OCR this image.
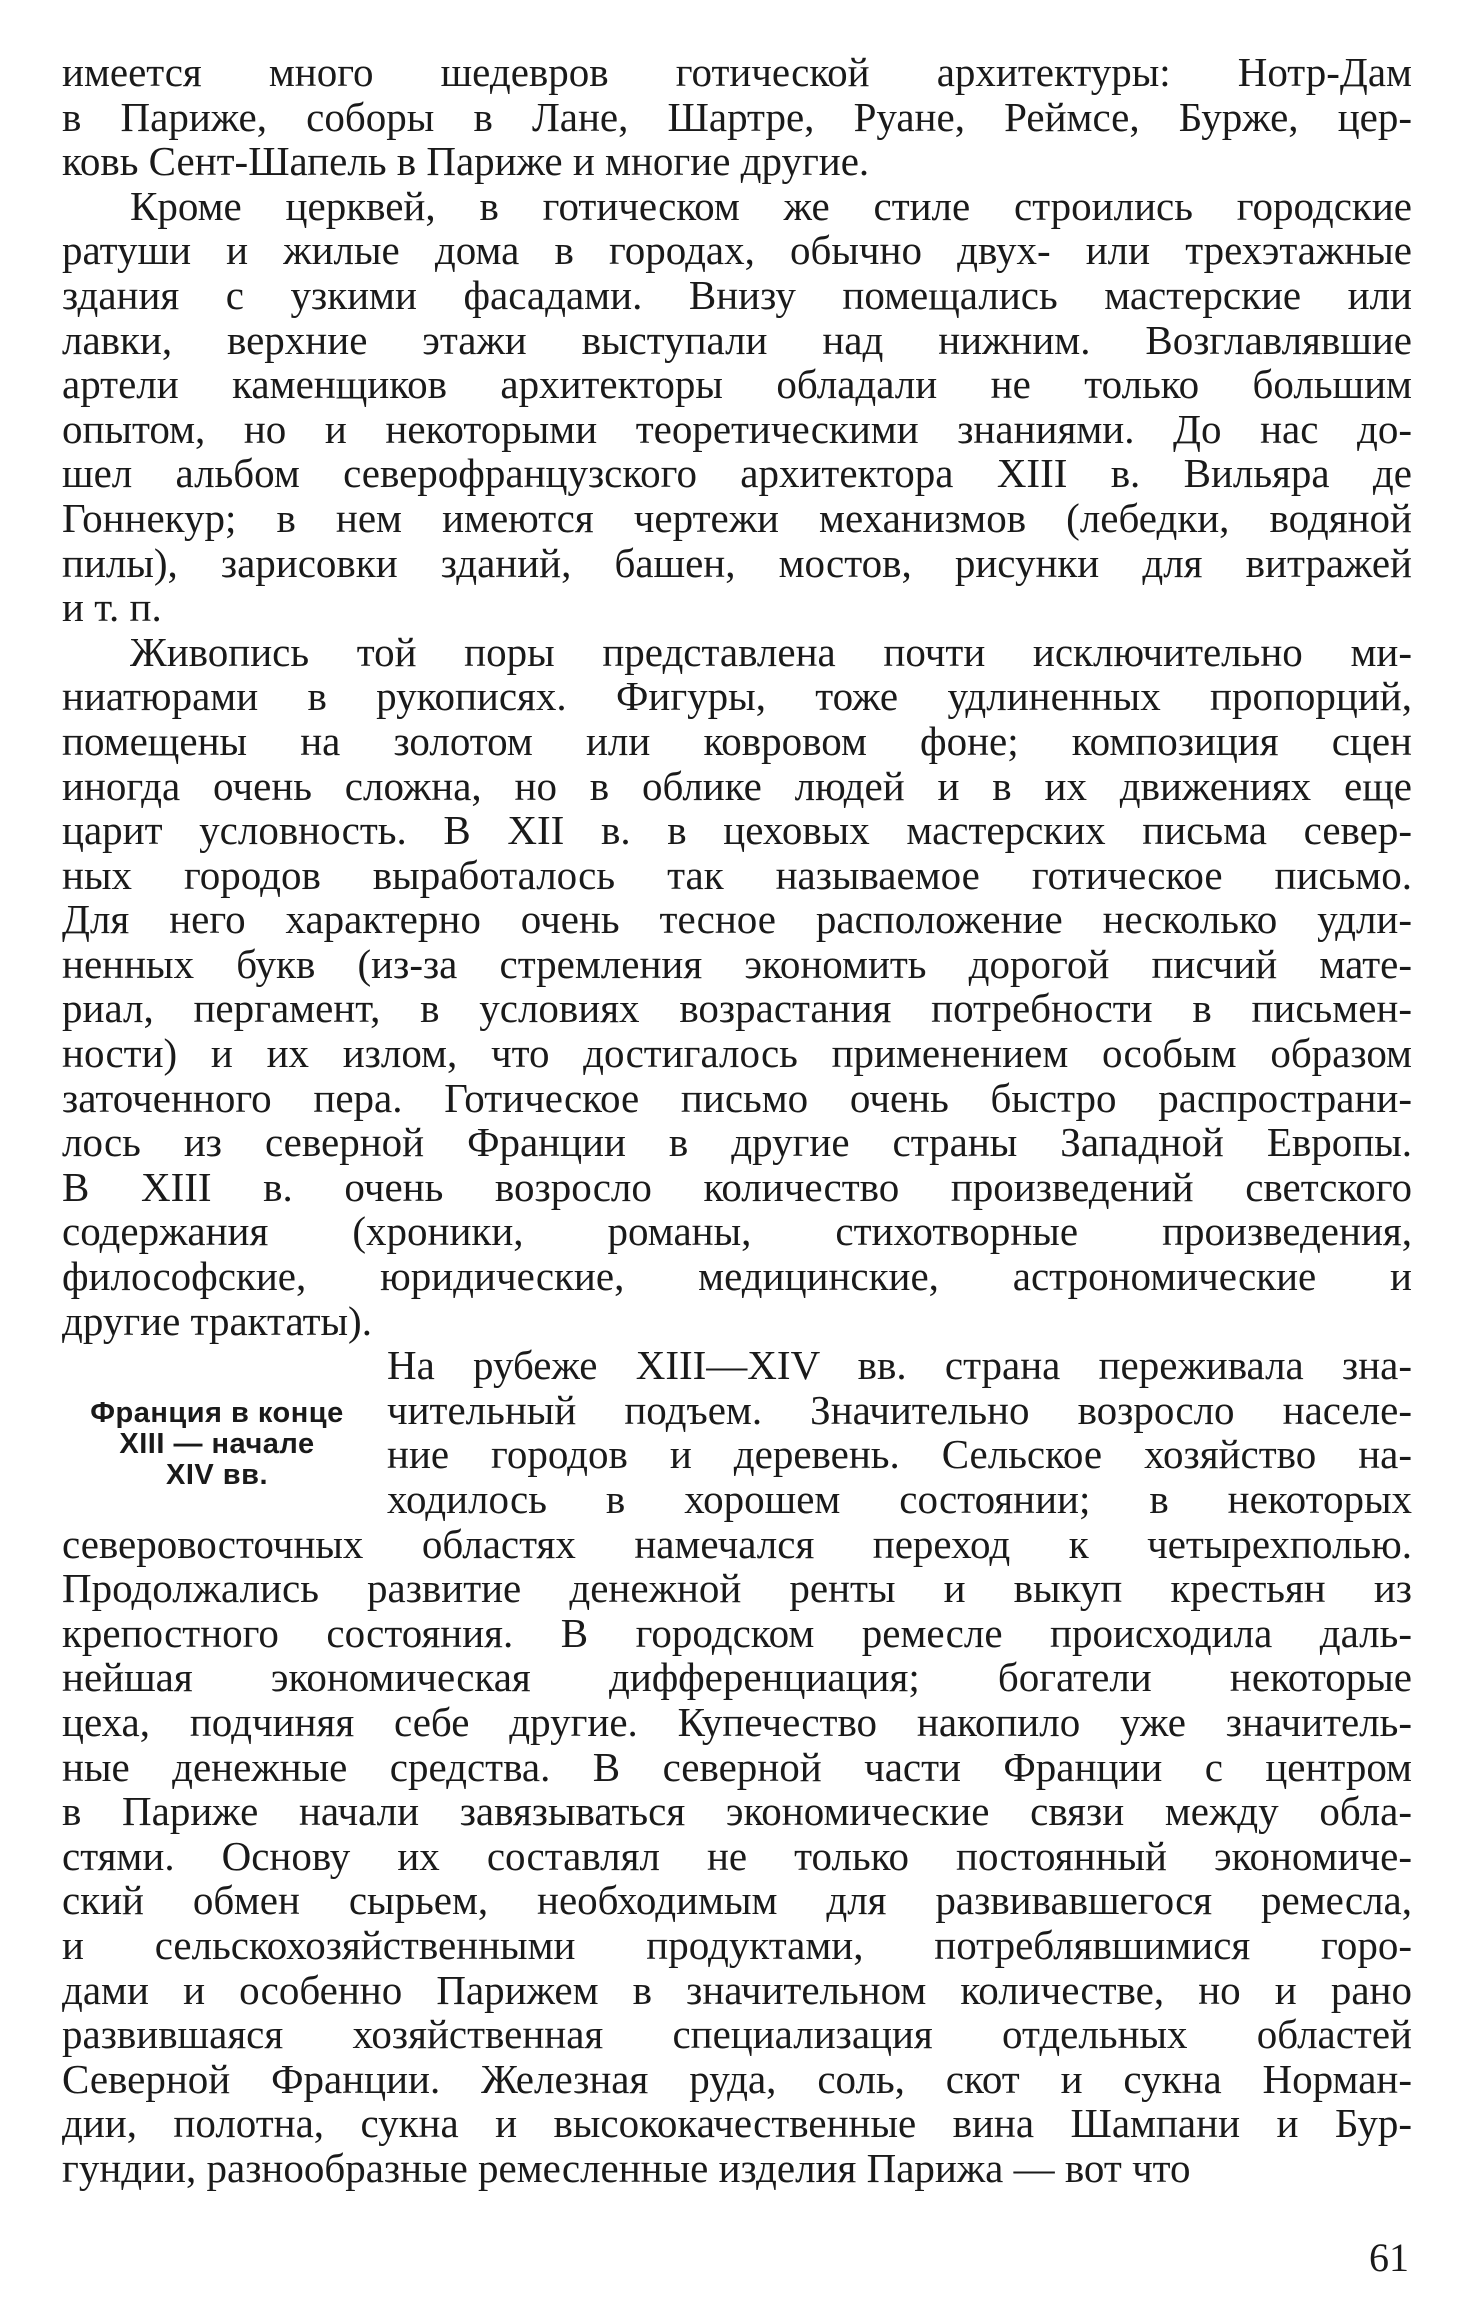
имеется много шедевров готической архитектуры: Нотр-Дам
в Париже, соборы в Лане, Шартре, Руане, Реймсе, Бурже, цер-
ковь Сент-Шапель в Париже и многие другие.
Кроме церквей, в готическом же стиле строились городские
ратуши и жилые дома в городах, обычно двух- или трехэтажные
здания с узкими фасадами. Внизу помещались мастерские или
лавки, верхние этажи выступали над нижним. Возглавлявшие
артели каменщиков архитекторы обладали не только большим
опытом, но и некоторыми теоретическими знаниями. До нас до-
шел альбом северофранцузского архитектора XIII в. Вильяра де
Гоннекур; в нем имеются чертежи механизмов (лебедки, водяной
пилы), зарисовки зданий, башен, мостов, рисунки для витражей
и т. п.
Живопись той поры представлена почти исключительно ми-
ниатюрами в рукописях. Фигуры, тоже удлиненных пропорций,
помещены на золотом или ковровом фоне; композиция сцен
иногда очень сложна, но в облике людей и в их движениях еще
царит условность. В XII в. в цеховых мастерских письма север-
ных городов выработалось так называемое готическое письмо.
Для него характерно очень тесное расположение несколько удли-
ненных букв (из-за стремления экономить дорогой писчий мате-
риал, пергамент, в условиях возрастания потребности в письмен-
ности) и их излом, что достигалось применением особым образом
заточенного пера. Готическое письмо очень быстро распространи-
лось из северной Франции в другие страны Западной Европы.
В XIII в. очень возросло количество произведений светского
содержания (хроники, романы, стихотворные произведения,
философские, юридические, медицинские, астрономические и
другие трактаты).
На рубеже XIII—XIV вв. страна переживала зна-
чительный подъем. Значительно возросло населе-
ние городов и деревень. Сельское хозяйство на-
ходилось в хорошем состоянии; в некоторых
северовосточных областях намечался переход к четырехполью.
Продолжались развитие денежной ренты и выкуп крестьян из
крепостного состояния. В городском ремесле происходила даль-
нейшая экономическая дифференциация; богатели некоторые
цеха, подчиняя себе другие. Купечество накопило уже значитель-
ные денежные средства. В северной части Франции с центром
в Париже начали завязываться экономические связи между обла-
стями. Основу их составлял не только постоянный экономиче-
ский обмен сырьем, необходимым для развивавшегося ремесла,
и сельскохозяйственными продуктами, потреблявшимися горо-
дами и особенно Парижем в значительном количестве, но и рано
развившаяся хозяйственная специализация отдельных областей
Северной Франции. Железная руда, соль, скот и сукна Норман-
дии, полотна, сукна и высококачественные вина Шампани и Бур-
гундии, разнообразные ремесленные изделия Парижа — вот что
Франция в конце
XIII — начале
XIV вв.
61
